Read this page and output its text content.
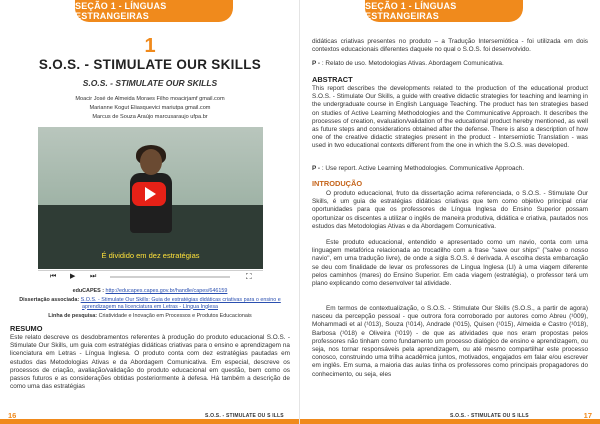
SEÇÃO 1 - LÍNGUAS ESTRANGEIRAS
1
S.O.S. - STIMULATE OUR SKILLS
S.O.S. - STIMULATE OUR SKILLS
Moacir José de Almeida Moraes Filho moacirjamf gmail.com
Marianne Kogut Eliasquevici mariutpa gmail.com
Marcus de Souza Araújo marcusaraujo ufpa.br
É dividido em dez estratégias
⏮ ▶ ⏭	⛶
eduCAPES : http://educapes.capes.gov.br/handle/capes/646159
Dissertação associada: S.O.S. - Stimulate Our Skills: Guia de estratégias didáticas criativas para o ensino e aprendizagem na licenciatura em Letras - Língua Inglesa
Linha de pesquisa: Criatividade e Inovação em Processos e Produtos Educacionais
RESUMO
Este relato descreve os desdobramentos referentes à produção do produto educacional S.O.S. - Stimulate Our Skills, um guia com estratégias didáticas criativas para o ensino e aprendizagem na licenciatura em Letras - Língua Inglesa. O produto conta com dez estratégias pautadas em estudos das Metodologias Ativas e da Abordagem Comunicativa. Em especial, descreve os processos de criação, avaliação/validação do produto educacional em questão, bem como os passos futuros e as considerações obtidas posteriormente à defesa. Há também a descrição de como uma das estratégias
16	S.O.S. - STIMULATE OU S ILLS
SEÇÃO 1 - LÍNGUAS ESTRANGEIRAS
didáticas criativas presentes no produto – a Tradução Intersemiótica - foi utilizada em dois contextos educacionais diferentes daquele no qual o S.O.S. foi desenvolvido.
P - : Relato de uso. Metodologias Ativas. Abordagem Comunicativa.
ABSTRACT
This report describes the developments related to the production of the educational product S.O.S. - Stimulate Our Skills, a guide with creative didactic strategies for teaching and learning in the undergraduate course in English Language Teaching. The product has ten strategies based on studies of Active Learning Methodologies and the Communicative Approach. It describes the processes of creation, evaluation/validation of the educational product hereby mentioned, as well as future steps and considerations obtained after the defense. There is also a description of how one of the creative didactic strategies present in the product - Intersemiotic Translation - was used in two educational contexts different from the one in which the S.O.S. was developed.
P - : Use report. Active Learning Methodologies. Communicative Approach.
INTRODUÇÃO
O produto educacional, fruto da dissertação acima referenciada, o S.O.S. - Stimulate Our Skills, é um guia de estratégias didáticas criativas que tem como objetivo principal criar oportunidades para que os professores de Língua Inglesa do Ensino Superior possam oportunizar os discentes a utilizar o inglês de maneira produtiva, didática e criativa, pautados nos estudos das Metodologias Ativas e da Abordagem Comunicativa.
Este produto educacional, entendido e apresentado como um navio, conta com uma linguagem metafórica relacionada ao trocadilho com a frase "save our ships" ("salve o nosso navio", em uma tradução livre), de onde a sigla S.O.S. é derivada. A escolha desta embarcação se deu com finalidade de levar os professores de Língua Inglesa (LI) à uma viagem diferente pelos caminhos (mares) do Ensino Superior. Em cada viagem (estratégia), o professor terá um plano explicando como desenvolver tal atividade.
Em termos de contextualização, o S.O.S. - Stimulate Our Skills (S.O.S., a partir de agora) nasceu da percepção pessoal - que outrora fora corroborado por autores como Abreu (¹009), Mohammadi et al (¹013), Souza (¹014), Andrade (¹015), Quisen (¹015), Almeida e Castro (¹018), Barbosa (¹018) e Oliveira (¹019) - de que as atividades que nos eram propostas pelos professores não tinham como fundamento um processo dialógico de ensino e aprendizagem, ou seja, nos tornar responsáveis pela aprendizagem, ou até mesmo compartilhar este processo conosco, construindo uma trilha acadêmica juntos, motivados, engajados em falar e/ou escrever em inglês. Em suma, a maioria das aulas tinha os professores como principais propagadores do conhecimento, ou seja, eles
S.O.S. - STIMULATE OU S ILLS	17
